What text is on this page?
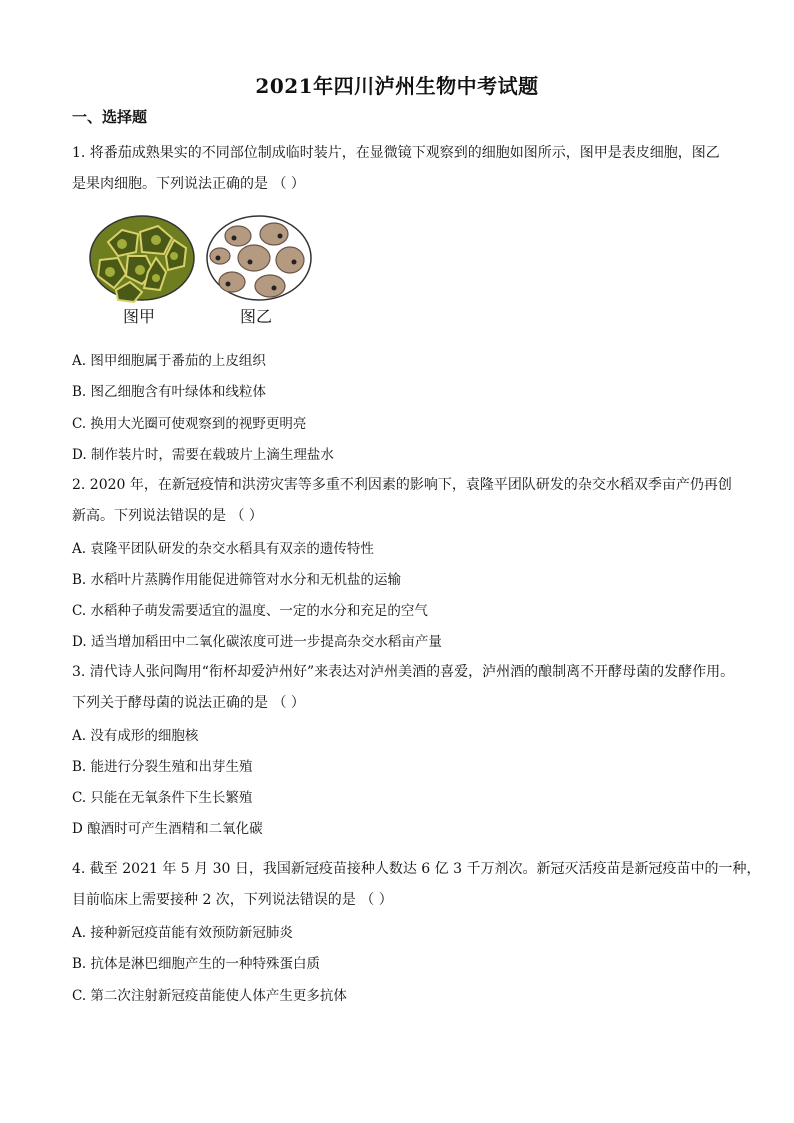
2021年四川泸州生物中考试题
一、选择题
1. 将番茄成熟果实的不同部位制成临时装片，在显微镜下观察到的细胞如图所示，图甲是表皮细胞，图乙
是果肉细胞。下列说法正确的是 （ ）
图甲	图乙
A. 图甲细胞属于番茄的上皮组织
B. 图乙细胞含有叶绿体和线粒体
C. 换用大光圈可使观察到的视野更明亮
D. 制作装片时，需要在载玻片上滴生理盐水
2. 2020 年，在新冠疫情和洪涝灾害等多重不利因素的影响下，袁隆平团队研发的杂交水稻双季亩产仍再创
新高。下列说法错误的是 （ ）
A. 袁隆平团队研发的杂交水稻具有双亲的遗传特性
B. 水稻叶片蒸腾作用能促进筛管对水分和无机盐的运输
C. 水稻种子萌发需要适宜的温度、一定的水分和充足的空气
D. 适当增加稻田中二氧化碳浓度可进一步提高杂交水稻亩产量
3. 清代诗人张问陶用“衔杯却爱泸州好”来表达对泸州美酒的喜爱，泸州酒的酿制离不开酵母菌的发酵作用。
下列关于酵母菌的说法正确的是 （ ）
A. 没有成形的细胞核
B. 能进行分裂生殖和出芽生殖
C. 只能在无氧条件下生长繁殖
D 酿酒时可产生酒精和二氧化碳
4. 截至 2021 年 5 月 30 日，我国新冠疫苗接种人数达 6 亿 3 千万剂次。新冠灭活疫苗是新冠疫苗中的一种，
目前临床上需要接种 2 次，下列说法错误的是 （ ）
A. 接种新冠疫苗能有效预防新冠肺炎
B. 抗体是淋巴细胞产生的一种特殊蛋白质
C. 第二次注射新冠疫苗能使人体产生更多抗体
